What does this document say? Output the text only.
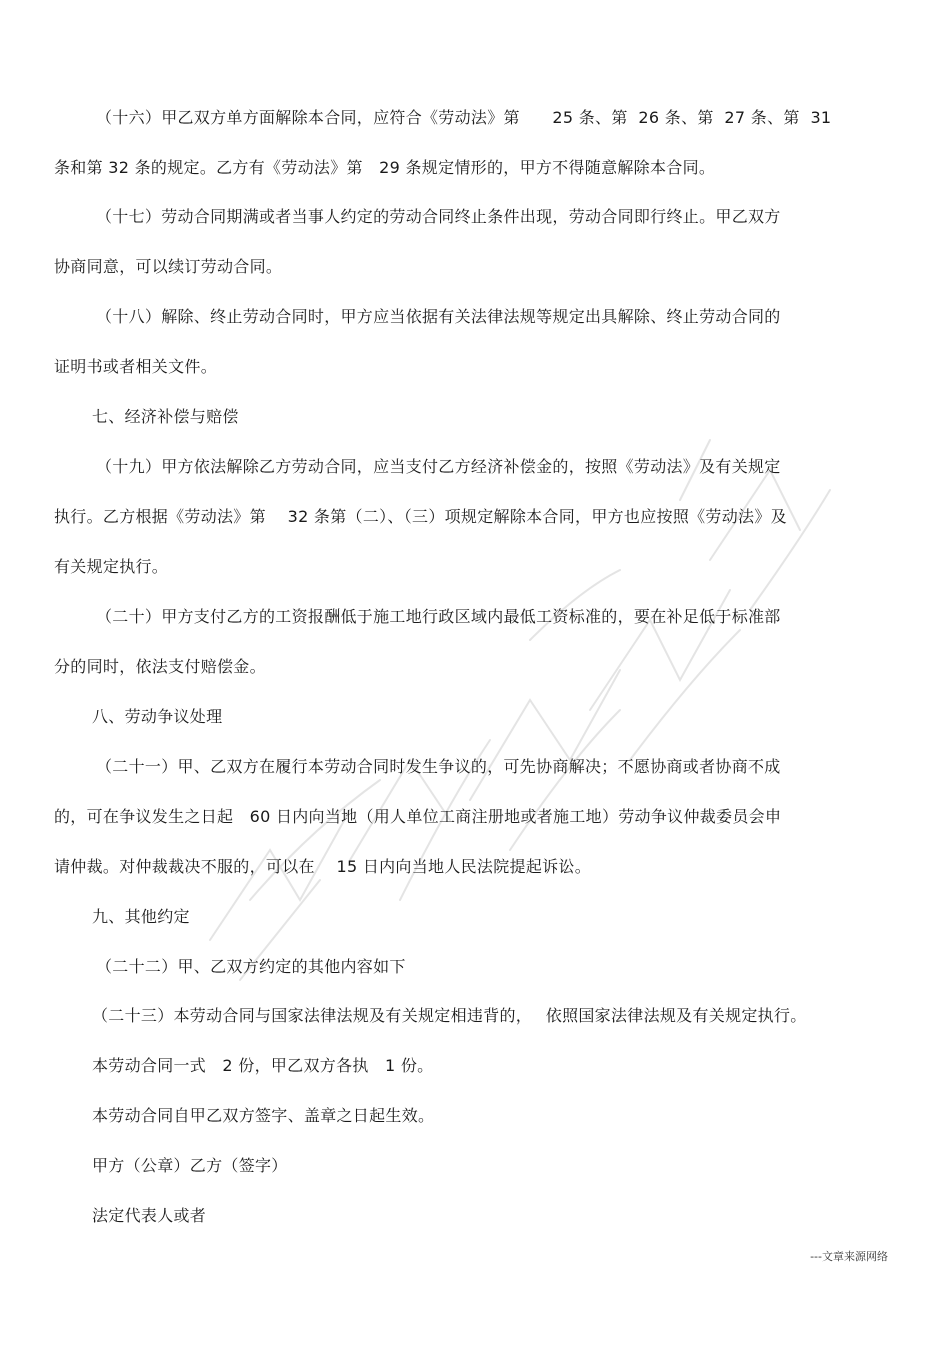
（十六）甲乙双方单方面解除本合同，应符合《劳动法》第　　25 条、第  26 条、第  27 条、第  31
条和第 32 条的规定。乙方有《劳动法》第　29 条规定情形的，甲方不得随意解除本合同。
（十七）劳动合同期满或者当事人约定的劳动合同终止条件出现，劳动合同即行终止。甲乙双方
协商同意，可以续订劳动合同。
（十八）解除、终止劳动合同时，甲方应当依据有关法律法规等规定出具解除、终止劳动合同的
证明书或者相关文件。
七、经济补偿与赔偿
（十九）甲方依法解除乙方劳动合同，应当支付乙方经济补偿金的，按照《劳动法》及有关规定
执行。乙方根据《劳动法》第　 32 条第（二）、（三）项规定解除本合同，甲方也应按照《劳动法》及
有关规定执行。
（二十）甲方支付乙方的工资报酬低于施工地行政区域内最低工资标准的，要在补足低于标准部
分的同时，依法支付赔偿金。
八、劳动争议处理
（二十一）甲、乙双方在履行本劳动合同时发生争议的，可先协商解决；不愿协商或者协商不成
的，可在争议发生之日起　60 日内向当地（用人单位工商注册地或者施工地）劳动争议仲裁委员会申
请仲裁。对仲裁裁决不服的，可以在　 15 日内向当地人民法院提起诉讼。
九、其他约定
（二十二）甲、乙双方约定的其他内容如下
（二十三）本劳动合同与国家法律法规及有关规定相违背的，　 依照国家法律法规及有关规定执行。
本劳动合同一式　2 份，甲乙双方各执　1 份。
本劳动合同自甲乙双方签字、盖章之日起生效。
甲方（公章）乙方（签字）
法定代表人或者
---文章来源网络
